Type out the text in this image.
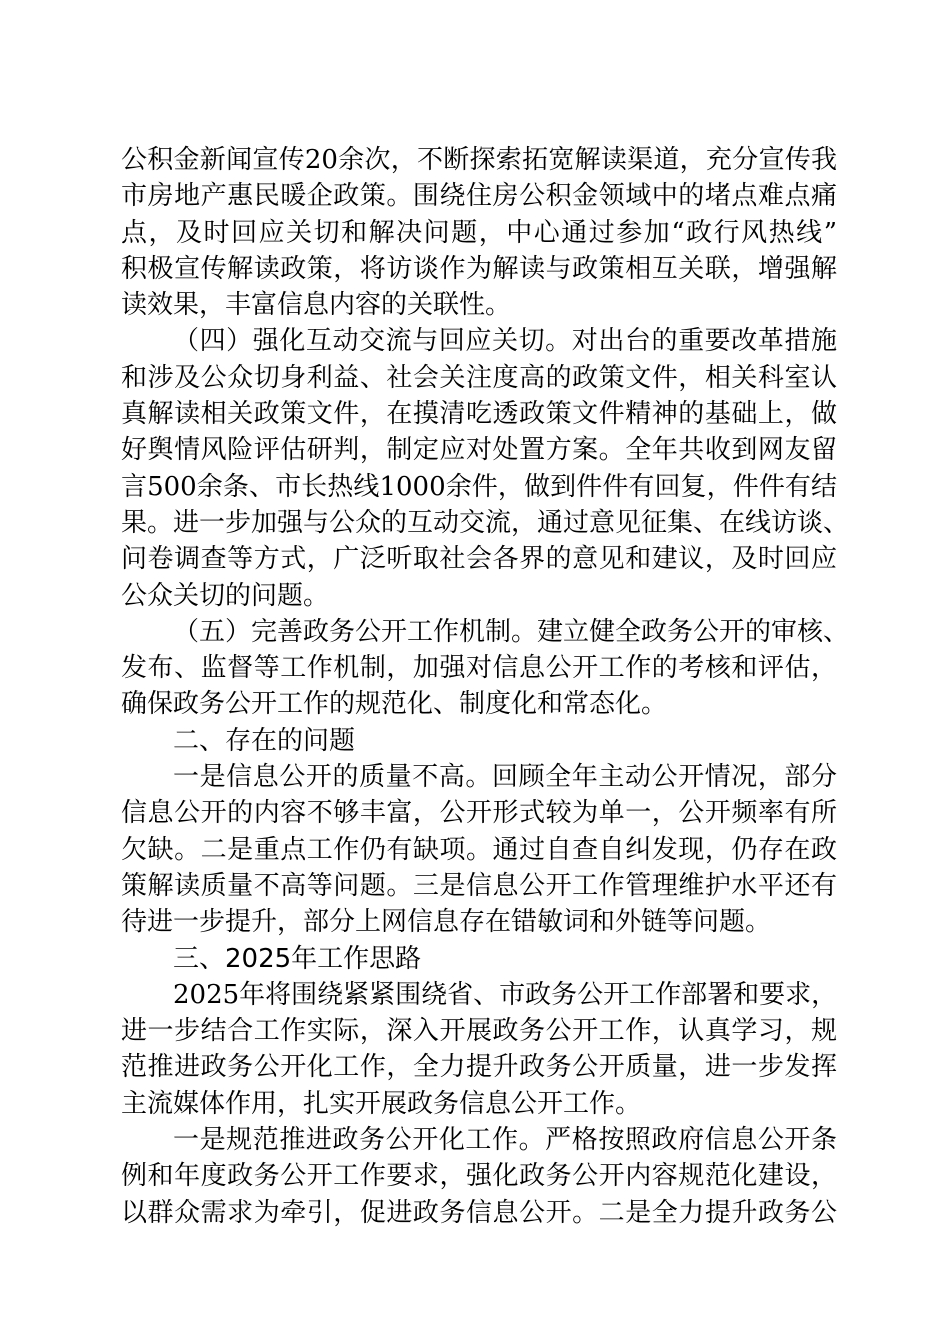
公积金新闻宣传20余次，不断探索拓宽解读渠道，充分宣传我
市房地产惠民暖企政策。围绕住房公积金领域中的堵点难点痛
点，及时回应关切和解决问题，中心通过参加“政行风热线”
积极宣传解读政策，将访谈作为解读与政策相互关联，增强解
读效果，丰富信息内容的关联性。
（四）强化互动交流与回应关切。对出台的重要改革措施
和涉及公众切身利益、社会关注度高的政策文件，相关科室认
真解读相关政策文件，在摸清吃透政策文件精神的基础上，做
好舆情风险评估研判，制定应对处置方案。全年共收到网友留
言500余条、市长热线1000余件，做到件件有回复，件件有结
果。进一步加强与公众的互动交流，通过意见征集、在线访谈、
问卷调查等方式，广泛听取社会各界的意见和建议，及时回应
公众关切的问题。
（五）完善政务公开工作机制。建立健全政务公开的审核、
发布、监督等工作机制，加强对信息公开工作的考核和评估，
确保政务公开工作的规范化、制度化和常态化。
二、存在的问题
一是信息公开的质量不高。回顾全年主动公开情况，部分
信息公开的内容不够丰富，公开形式较为单一，公开频率有所
欠缺。二是重点工作仍有缺项。通过自查自纠发现，仍存在政
策解读质量不高等问题。三是信息公开工作管理维护水平还有
待进一步提升，部分上网信息存在错敏词和外链等问题。
三、2025年工作思路
2025年将围绕紧紧围绕省、市政务公开工作部署和要求，
进一步结合工作实际，深入开展政务公开工作，认真学习，规
范推进政务公开化工作，全力提升政务公开质量，进一步发挥
主流媒体作用，扎实开展政务信息公开工作。
一是规范推进政务公开化工作。严格按照政府信息公开条
例和年度政务公开工作要求，强化政务公开内容规范化建设，
以群众需求为牵引，促进政务信息公开。二是全力提升政务公
